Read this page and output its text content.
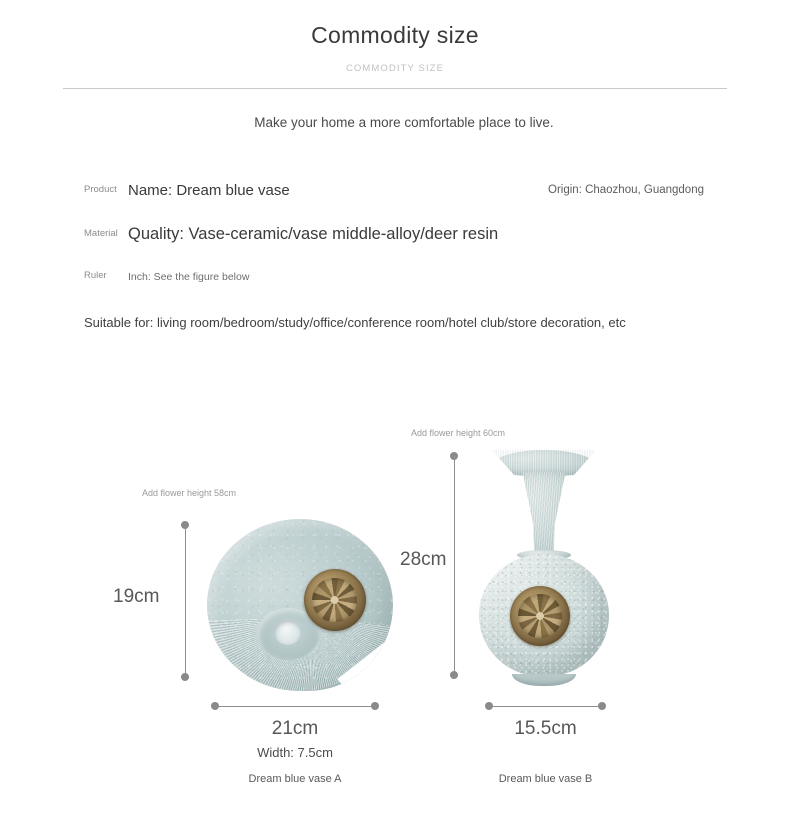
Commodity size
COMMODITY SIZE
Make your home a more comfortable place to live.
Product Name: Dream blue vase	Origin: Chaozhou, Guangdong
Material Quality: Vase-ceramic/vase middle-alloy/deer resin
Ruler	Inch: See the figure below
Suitable for: living room/bedroom/study/office/conference room/hotel club/store decoration, etc
Add flower height 58cm
19cm
21cm
Width: 7.5cm
Dream blue vase A
Add flower height 60cm
28cm
15.5cm
Dream blue vase B
